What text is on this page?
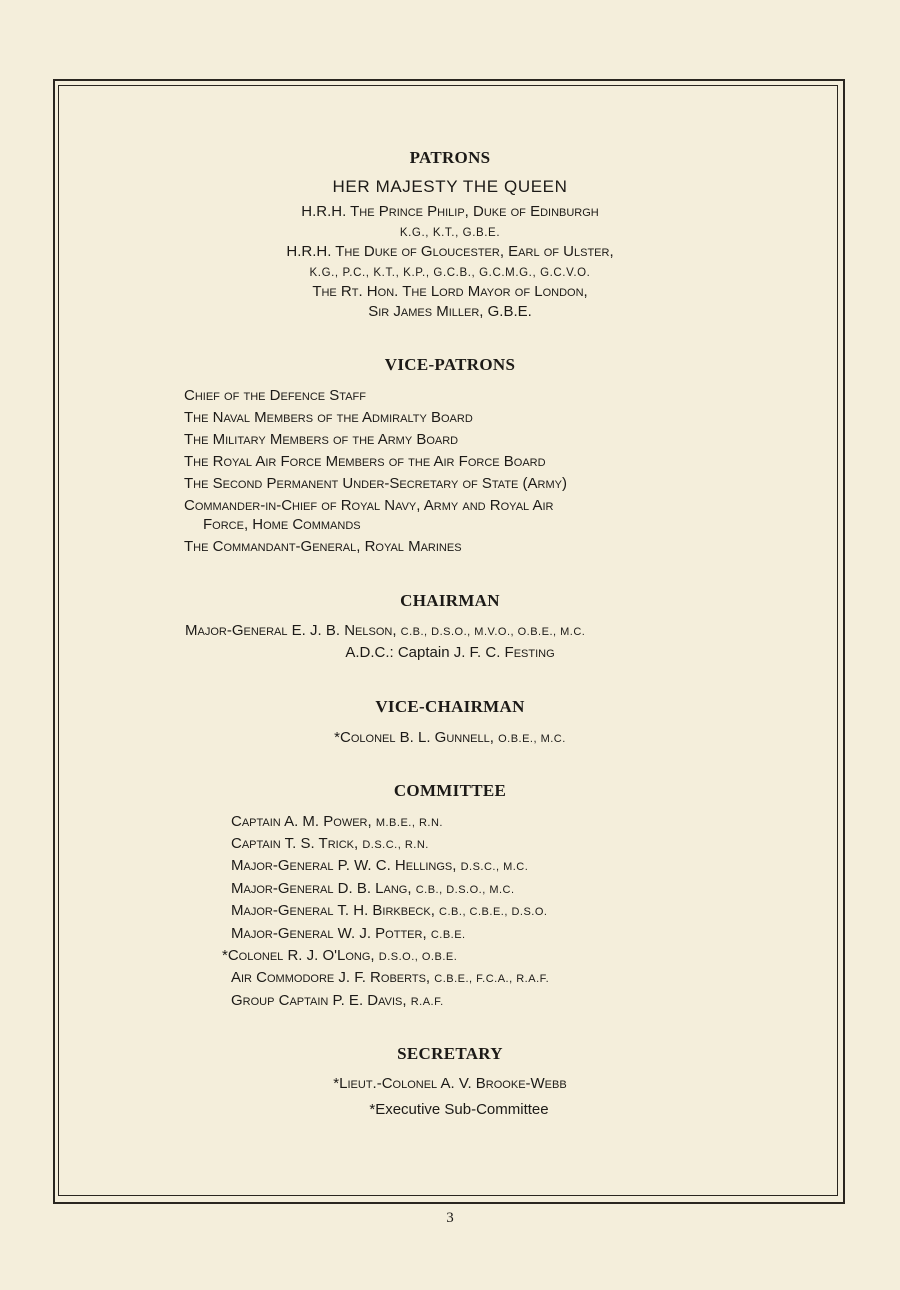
PATRONS

HER MAJESTY THE QUEEN

H.R.H. The Prince Philip, Duke of Edinburgh

K.G., K.T., G.B.E.

H.R.H. The Duke of Gloucester, Earl of Ulster,

K.G., P.C., K.T., K.P., G.C.B., G.C.M.G., G.C.V.O.

The Rt. Hon. The Lord Mayor of London,

Sir James Miller, G.B.E.

VICE-PATRONS

Chief of the Defence Staff

The Naval Members of the Admiralty Board

The Military Members of the Army Board

The Royal Air Force Members of the Air Force Board

The Second Permanent Under-Secretary of State (Army)

Commander-in-Chief of Royal Navy, Army and Royal Air

Force, Home Commands

The Commandant-General, Royal Marines

CHAIRMAN

Major-General E. J. B. Nelson, C.B., D.S.O., M.V.O., O.B.E., M.C.

A.D.C.: Captain J. F. C. Festing

VICE-CHAIRMAN

*Colonel B. L. Gunnell, O.B.E., M.C.

COMMITTEE

Captain A. M. Power, M.B.E., R.N.

Captain T. S. Trick, D.S.C., R.N.

Major-General P. W. C. Hellings, D.S.C., M.C.

Major-General D. B. Lang, C.B., D.S.O., M.C.

Major-General T. H. Birkbeck, C.B., C.B.E., D.S.O.

Major-General W. J. Potter, C.B.E.

*Colonel R. J. O'Long, D.S.O., O.B.E.

Air Commodore J. F. Roberts, C.B.E., F.C.A., R.A.F.

Group Captain P. E. Davis, R.A.F.

SECRETARY

*Lieut.-Colonel A. V. Brooke-Webb

*Executive Sub-Committee

3
